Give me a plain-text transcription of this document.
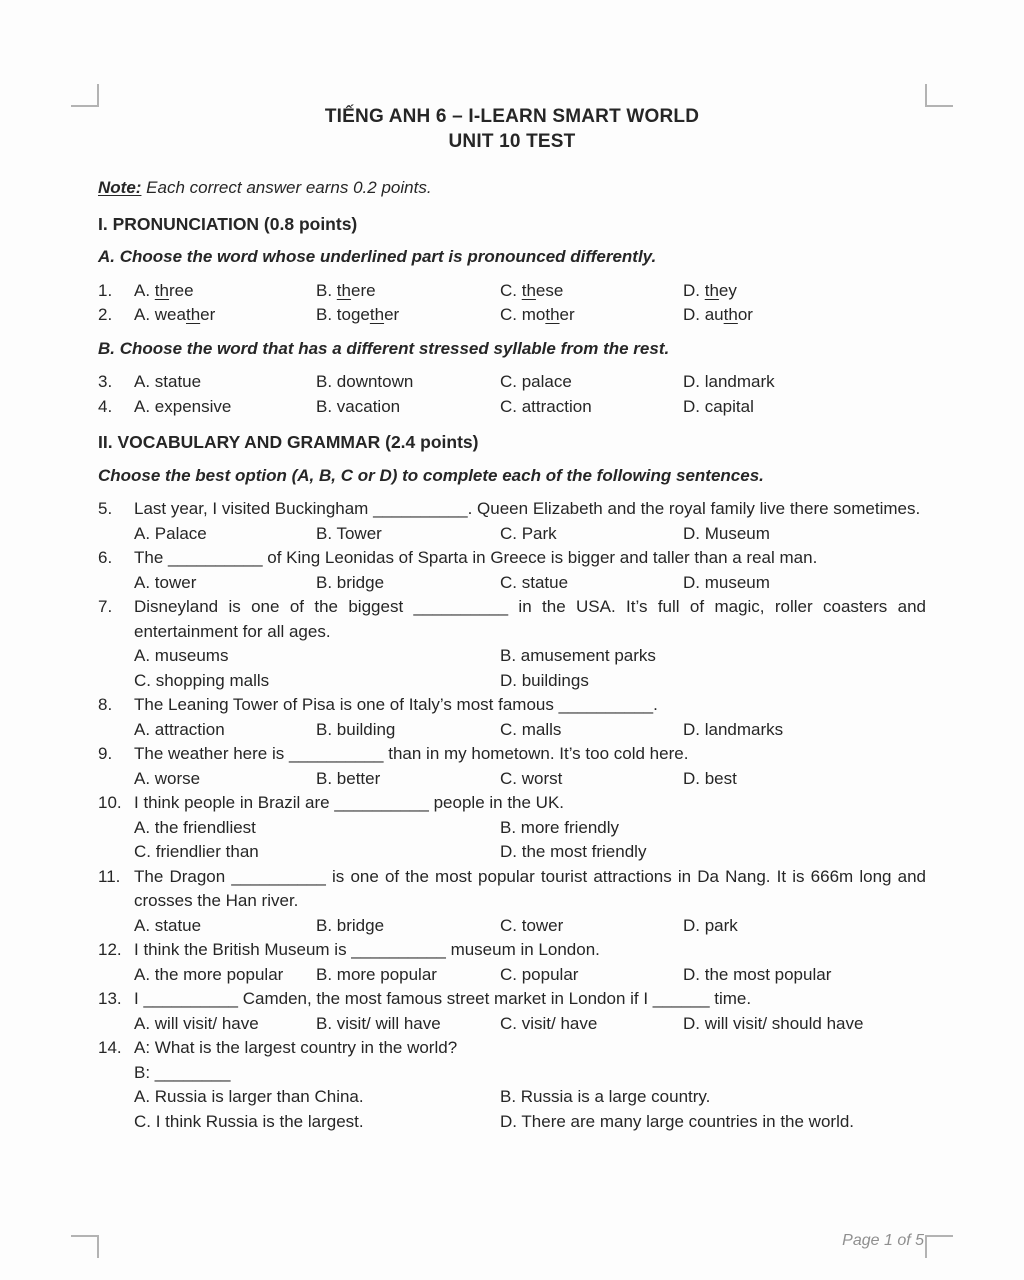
TIẾNG ANH 6 – I-LEARN SMART WORLD
UNIT 10 TEST
Note: Each correct answer earns 0.2 points.
I. PRONUNCIATION (0.8 points)
A. Choose the word whose underlined part is pronounced differently.
1.	A. three	B. there	C. these	D. they
2.	A. weather	B. together	C. mother	D. author
B. Choose the word that has a different stressed syllable from the rest.
3.	A. statue	B. downtown	C. palace	D. landmark
4.	A. expensive	B. vacation	C. attraction	D. capital
II. VOCABULARY AND GRAMMAR (2.4 points)
Choose the best option (A, B, C or D) to complete each of the following sentences.
5.	Last year, I visited Buckingham __________. Queen Elizabeth and the royal family live there sometimes.

A. Palace	B. Tower	C. Park	D. Museum
6.	The __________ of King Leonidas of Sparta in Greece is bigger and taller than a real man.

A. tower	B. bridge	C. statue	D. museum
7.	Disneyland is one of the biggest __________ in the USA. It’s full of magic, roller coasters and entertainment for all ages.

A. museums	B. amusement parks
C. shopping malls	D. buildings
8.	The Leaning Tower of Pisa is one of Italy’s most famous __________.

A. attraction	B. building	C. malls	D. landmarks
9.	The weather here is __________ than in my hometown. It’s too cold here.

A. worse	B. better	C. worst	D. best
10. I think people in Brazil are __________ people in the UK.

A. the friendliest	B. more friendly
C. friendlier than	D. the most friendly
11. The Dragon __________ is one of the most popular tourist attractions in Da Nang. It is 666m long and crosses the Han river.

A. statue	B. bridge	C. tower	D. park
12. I think the British Museum is __________ museum in London.

A. the more popular	B. more popular	C. popular	D. the most popular
13. I __________ Camden, the most famous street market in London if I ______ time.

A. will visit/ have	B. visit/ will have	C. visit/ have	D. will visit/ should have
14. A: What is the largest country in the world?

B: ________

A. Russia is larger than China.	B. Russia is a large country.
C. I think Russia is the largest.	D. There are many large countries in the world.
Page 1 of 5
